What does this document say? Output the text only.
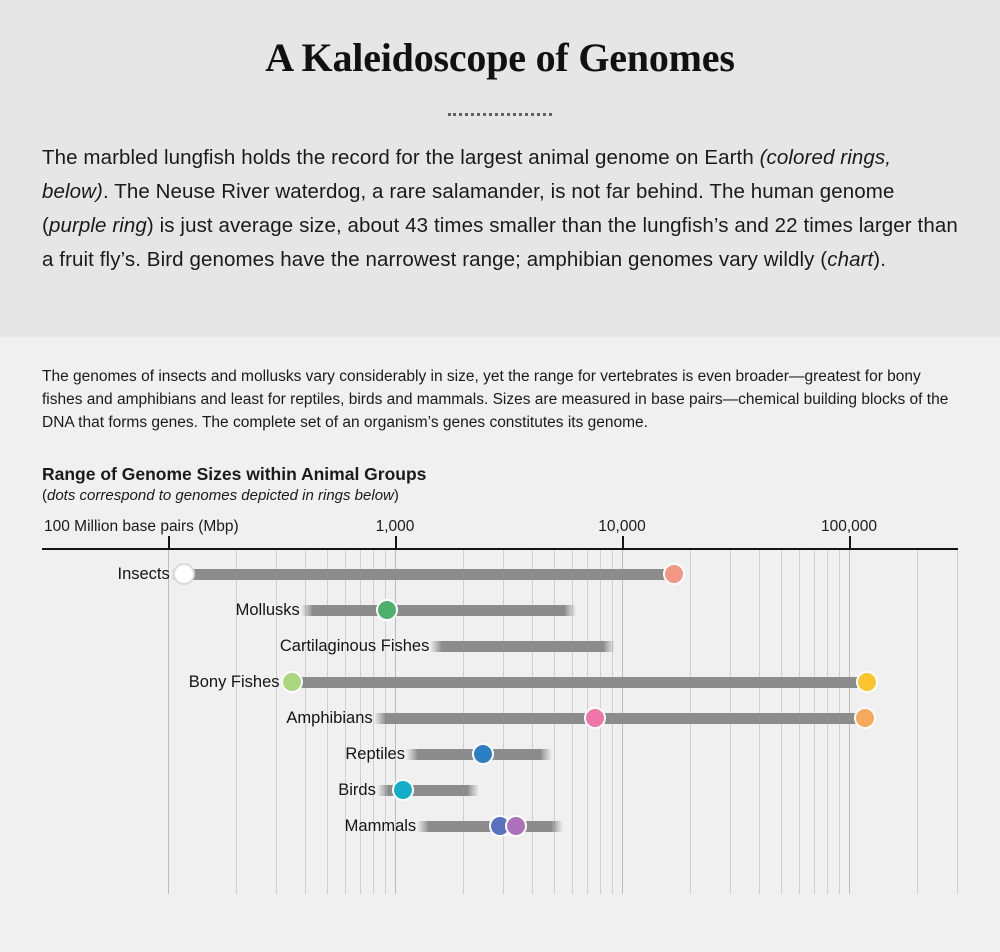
A Kaleidoscope of Genomes

The marbled lungfish holds the record for the largest animal genome on Earth (colored rings, below). The Neuse River waterdog, a rare salamander, is not far behind. The human genome (purple ring) is just average size, about 43 times smaller than the lungfish’s and 22 times larger than a fruit fly’s. Bird genomes have the narrowest range; amphibian genomes vary wildly (chart).

The genomes of insects and mollusks vary considerably in size, yet the range for vertebrates is even broader—greatest for bony fishes and amphibians and least for reptiles, birds and mammals. Sizes are measured in base pairs—chemical building blocks of the DNA that forms genes. The complete set of an organism’s genes constitutes its genome.

Range of Genome Sizes within Animal Groups
(dots correspond to genomes depicted in rings below)
100 Million base pairs (Mbp)	1,000	10,000	100,000
Insects
Mollusks
Cartilaginous Fishes
Bony Fishes
Amphibians
Reptiles
Birds
Mammals
